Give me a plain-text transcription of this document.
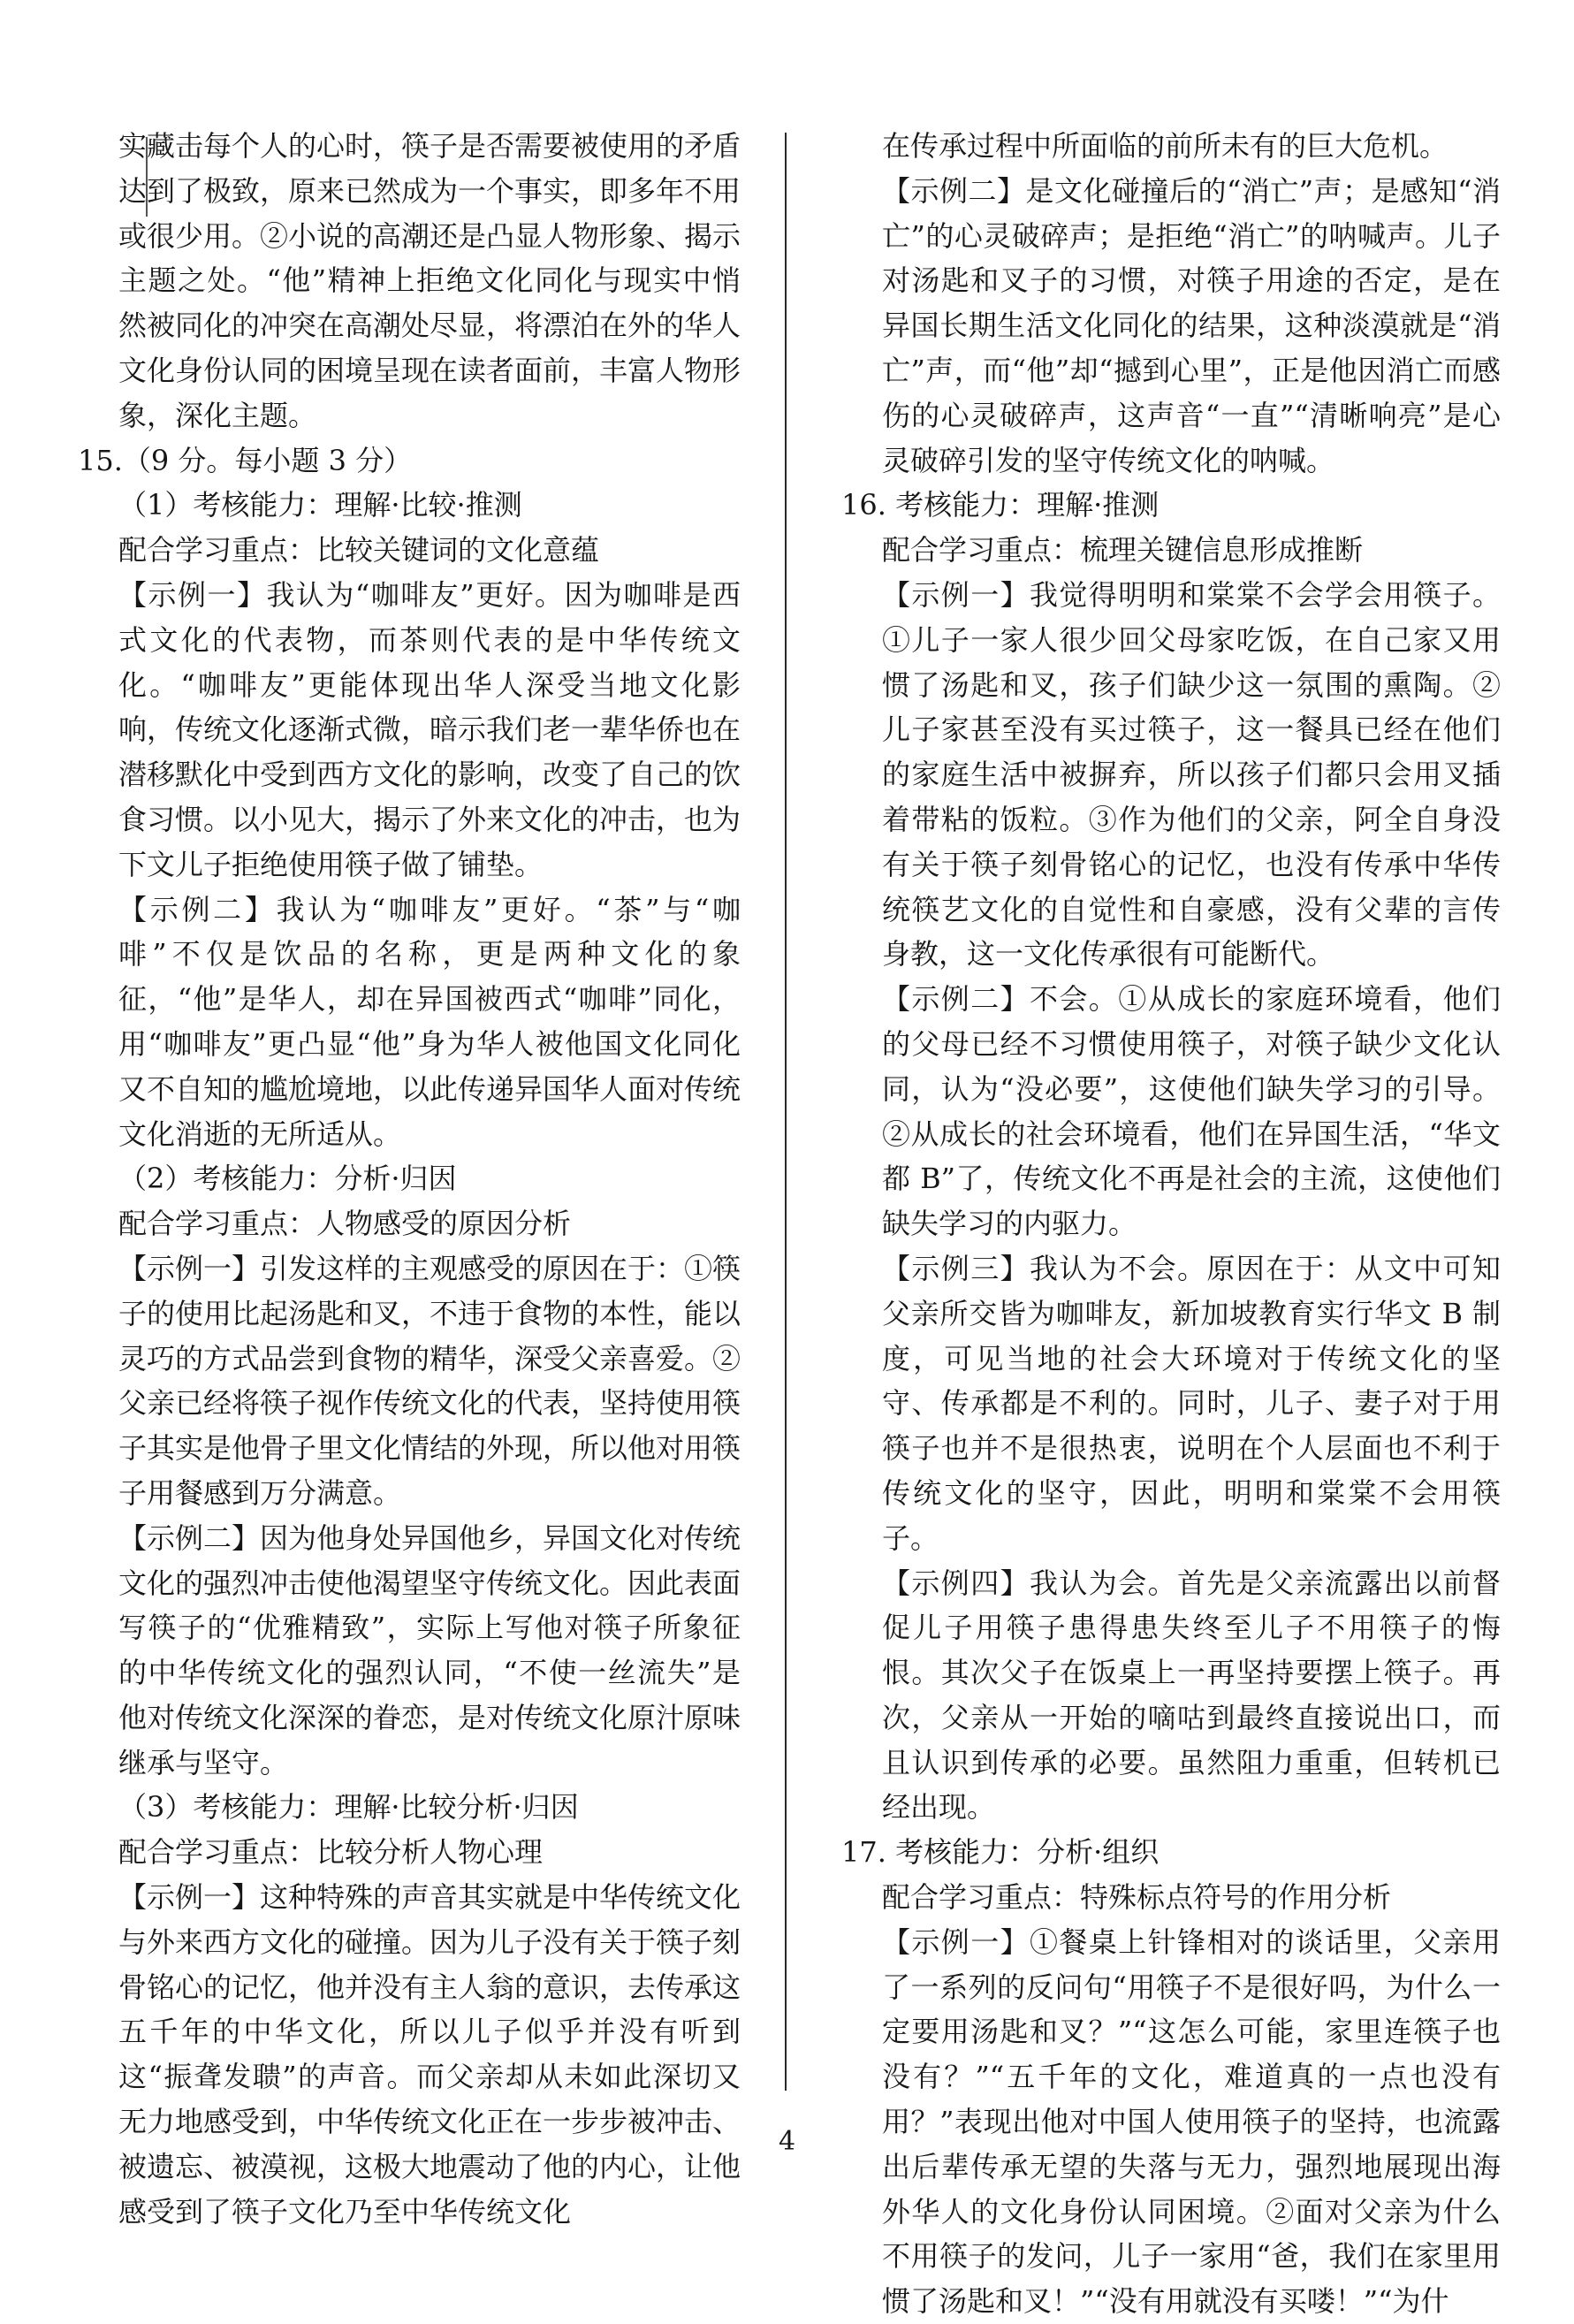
实藏击每个人的心时，筷子是否需要被使用的矛盾达到了极致，原来已然成为一个事实，即多年不用或很少用。②小说的高潮还是凸显人物形象、揭示主题之处。“他”精神上拒绝文化同化与现实中悄然被同化的冲突在高潮处尽显，将漂泊在外的华人文化身份认同的困境呈现在读者面前，丰富人物形象，深化主题。

15.（9 分。每小题 3 分）

（1）考核能力：理解·比较·推测

配合学习重点：比较关键词的文化意蕴

【示例一】我认为“咖啡友”更好。因为咖啡是西式文化的代表物，而茶则代表的是中华传统文化。“咖啡友”更能体现出华人深受当地文化影响，传统文化逐渐式微，暗示我们老一辈华侨也在潜移默化中受到西方文化的影响，改变了自己的饮食习惯。以小见大，揭示了外来文化的冲击，也为下文儿子拒绝使用筷子做了铺垫。

【示例二】我认为“咖啡友”更好。“茶”与“咖啡”不仅是饮品的名称，更是两种文化的象征，“他”是华人，却在异国被西式“咖啡”同化，用“咖啡友”更凸显“他”身为华人被他国文化同化又不自知的尴尬境地，以此传递异国华人面对传统文化消逝的无所适从。

（2）考核能力：分析·归因

配合学习重点：人物感受的原因分析

【示例一】引发这样的主观感受的原因在于：①筷子的使用比起汤匙和叉，不违于食物的本性，能以灵巧的方式品尝到食物的精华，深受父亲喜爱。②父亲已经将筷子视作传统文化的代表，坚持使用筷子其实是他骨子里文化情结的外现，所以他对用筷子用餐感到万分满意。

【示例二】因为他身处异国他乡，异国文化对传统文化的强烈冲击使他渴望坚守传统文化。因此表面写筷子的“优雅精致”，实际上写他对筷子所象征的中华传统文化的强烈认同，“不使一丝流失”是他对传统文化深深的眷恋，是对传统文化原汁原味继承与坚守。

（3）考核能力：理解·比较分析·归因

配合学习重点：比较分析人物心理

【示例一】这种特殊的声音其实就是中华传统文化与外来西方文化的碰撞。因为儿子没有关于筷子刻骨铭心的记忆，他并没有主人翁的意识，去传承这五千年的中华文化，所以儿子似乎并没有听到这“振聋发聩”的声音。而父亲却从未如此深切又无力地感受到，中华传统文化正在一步步被冲击、被遗忘、被漠视，这极大地震动了他的内心，让他感受到了筷子文化乃至中华传统文化

在传承过程中所面临的前所未有的巨大危机。

【示例二】是文化碰撞后的“消亡”声；是感知“消亡”的心灵破碎声；是拒绝“消亡”的呐喊声。儿子对汤匙和叉子的习惯，对筷子用途的否定，是在异国长期生活文化同化的结果，这种淡漠就是“消亡”声，而“他”却“撼到心里”，正是他因消亡而感伤的心灵破碎声，这声音“一直”“清晰响亮”是心灵破碎引发的坚守传统文化的呐喊。

16. 考核能力：理解·推测

配合学习重点：梳理关键信息形成推断

【示例一】我觉得明明和棠棠不会学会用筷子。①儿子一家人很少回父母家吃饭，在自己家又用惯了汤匙和叉，孩子们缺少这一氛围的熏陶。②儿子家甚至没有买过筷子，这一餐具已经在他们的家庭生活中被摒弃，所以孩子们都只会用叉插着带粘的饭粒。③作为他们的父亲，阿全自身没有关于筷子刻骨铭心的记忆，也没有传承中华传统筷艺文化的自觉性和自豪感，没有父辈的言传身教，这一文化传承很有可能断代。

【示例二】不会。①从成长的家庭环境看，他们的父母已经不习惯使用筷子，对筷子缺少文化认同，认为“没必要”，这使他们缺失学习的引导。②从成长的社会环境看，他们在异国生活，“华文都 B”了，传统文化不再是社会的主流，这使他们缺失学习的内驱力。

【示例三】我认为不会。原因在于：从文中可知父亲所交皆为咖啡友，新加坡教育实行华文 B 制度，可见当地的社会大环境对于传统文化的坚守、传承都是不利的。同时，儿子、妻子对于用筷子也并不是很热衷，说明在个人层面也不利于传统文化的坚守，因此，明明和棠棠不会用筷子。

【示例四】我认为会。首先是父亲流露出以前督促儿子用筷子患得患失终至儿子不用筷子的悔恨。其次父子在饭桌上一再坚持要摆上筷子。再次，父亲从一开始的嘀咕到最终直接说出口，而且认识到传承的必要。虽然阻力重重，但转机已经出现。

17. 考核能力：分析·组织

配合学习重点：特殊标点符号的作用分析

【示例一】①餐桌上针锋相对的谈话里，父亲用了一系列的反问句“用筷子不是很好吗，为什么一定要用汤匙和叉？”“这怎么可能，家里连筷子也没有？”“五千年的文化，难道真的一点也没有用？”表现出他对中国人使用筷子的坚持，也流露出后辈传承无望的失落与无力，强烈地展现出海外华人的文化身份认同困境。②面对父亲为什么不用筷子的发问，儿子一家用“爸，我们在家里用惯了汤匙和叉！”“没有用就没有买喽！”“为什

4
